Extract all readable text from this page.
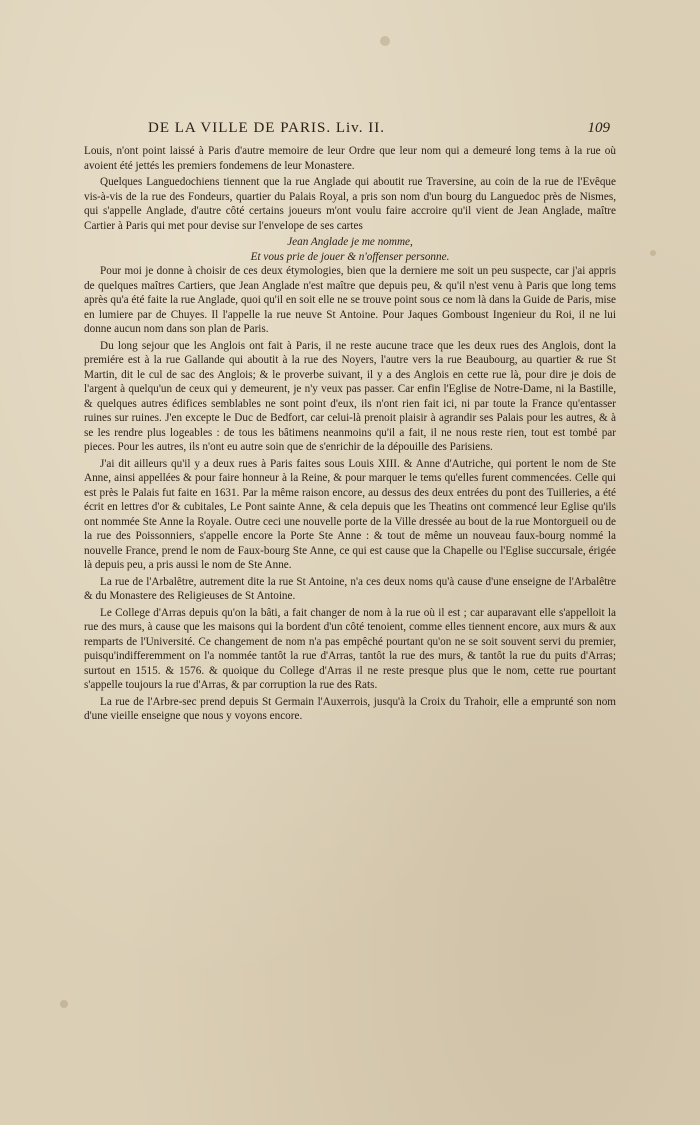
DE LA VILLE DE PARIS. Liv. II.	109

Louis, n'ont point laissé à Paris d'autre memoire de leur Ordre que leur nom qui a demeuré long tems à la rue où avoient été jettés les premiers fondemens de leur Monastere.

Quelques Languedochiens tiennent que la rue Anglade qui aboutit rue Traversine, au coin de la rue de l'Evêque vis-à-vis de la rue des Fondeurs, quartier du Palais Royal, a pris son nom d'un bourg du Languedoc près de Nismes, qui s'appelle Anglade, d'autre côté certains joueurs m'ont voulu faire accroire qu'il vient de Jean Anglade, maître Cartier à Paris qui met pour devise sur l'envelope de ses cartes

Jean Anglade je me nomme,
Et vous prie de jouer & n'offenser personne.

Pour moi je donne à choisir de ces deux étymologies, bien que la derniere me soit un peu suspecte, car j'ai appris de quelques maîtres Cartiers, que Jean Anglade n'est maître que depuis peu, & qu'il n'est venu à Paris que long tems après qu'a été faite la rue Anglade, quoi qu'il en soit elle ne se trouve point sous ce nom là dans la Guide de Paris, mise en lumiere par de Chuyes. Il l'appelle la rue neuve St Antoine. Pour Jaques Gomboust Ingenieur du Roi, il ne lui donne aucun nom dans son plan de Paris.

Du long sejour que les Anglois ont fait à Paris, il ne reste aucune trace que les deux rues des Anglois, dont la premiére est à la rue Gallande qui aboutit à la rue des Noyers, l'autre vers la rue Beaubourg, au quartier & rue St Martin, dit le cul de sac des Anglois; & le proverbe suivant, il y a des Anglois en cette rue là, pour dire je dois de l'argent à quelqu'un de ceux qui y demeurent, je n'y veux pas passer. Car enfin l'Eglise de Notre-Dame, ni la Bastille, & quelques autres édifices semblables ne sont point d'eux, ils n'ont rien fait ici, ni par toute la France qu'entasser ruines sur ruines. J'en excepte le Duc de Bedfort, car celui-là prenoit plaisir à agrandir ses Palais pour les autres, & à se les rendre plus logeables : de tous les bâtimens neanmoins qu'il a fait, il ne nous reste rien, tout est tombé par pieces. Pour les autres, ils n'ont eu autre soin que de s'enrichir de la dépouille des Parisiens.

J'ai dit ailleurs qu'il y a deux rues à Paris faites sous Louis XIII. & Anne d'Autriche, qui portent le nom de Ste Anne, ainsi appellées & pour faire honneur à la Reine, & pour marquer le tems qu'elles furent commencées. Celle qui est près le Palais fut faite en 1631. Par la même raison encore, au dessus des deux entrées du pont des Tuilleries, a été écrit en lettres d'or & cubitales, Le Pont sainte Anne, & cela depuis que les Theatins ont commencé leur Eglise qu'ils ont nommée Ste Anne la Royale. Outre ceci une nouvelle porte de la Ville dressée au bout de la rue Montorgueil ou de la rue des Poissonniers, s'appelle encore la Porte Ste Anne : & tout de même un nouveau faux-bourg nommé la nouvelle France, prend le nom de Faux-bourg Ste Anne, ce qui est cause que la Chapelle ou l'Eglise succursale, érigée là depuis peu, a pris aussi le nom de Ste Anne.

La rue de l'Arbalêtre, autrement dite la rue St Antoine, n'a ces deux noms qu'à cause d'une enseigne de l'Arbalêtre & du Monastere des Religieuses de St Antoine.

Le College d'Arras depuis qu'on la bâti, a fait changer de nom à la rue où il est ; car auparavant elle s'appelloit la rue des murs, à cause que les maisons qui la bordent d'un côté tenoient, comme elles tiennent encore, aux murs & aux remparts de l'Université. Ce changement de nom n'a pas empêché pourtant qu'on ne se soit souvent servi du premier, puisqu'indifferemment on l'a nommée tantôt la rue d'Arras, tantôt la rue des murs, & tantôt la rue du puits d'Arras; surtout en 1515. & 1576. & quoique du College d'Arras il ne reste presque plus que le nom, cette rue pourtant s'appelle toujours la rue d'Arras, & par corruption la rue des Rats.

La rue de l'Arbre-sec prend depuis St Germain l'Auxerrois, jusqu'à la Croix du Trahoir, elle a emprunté son nom d'une vieille enseigne que nous y voyons encore.
